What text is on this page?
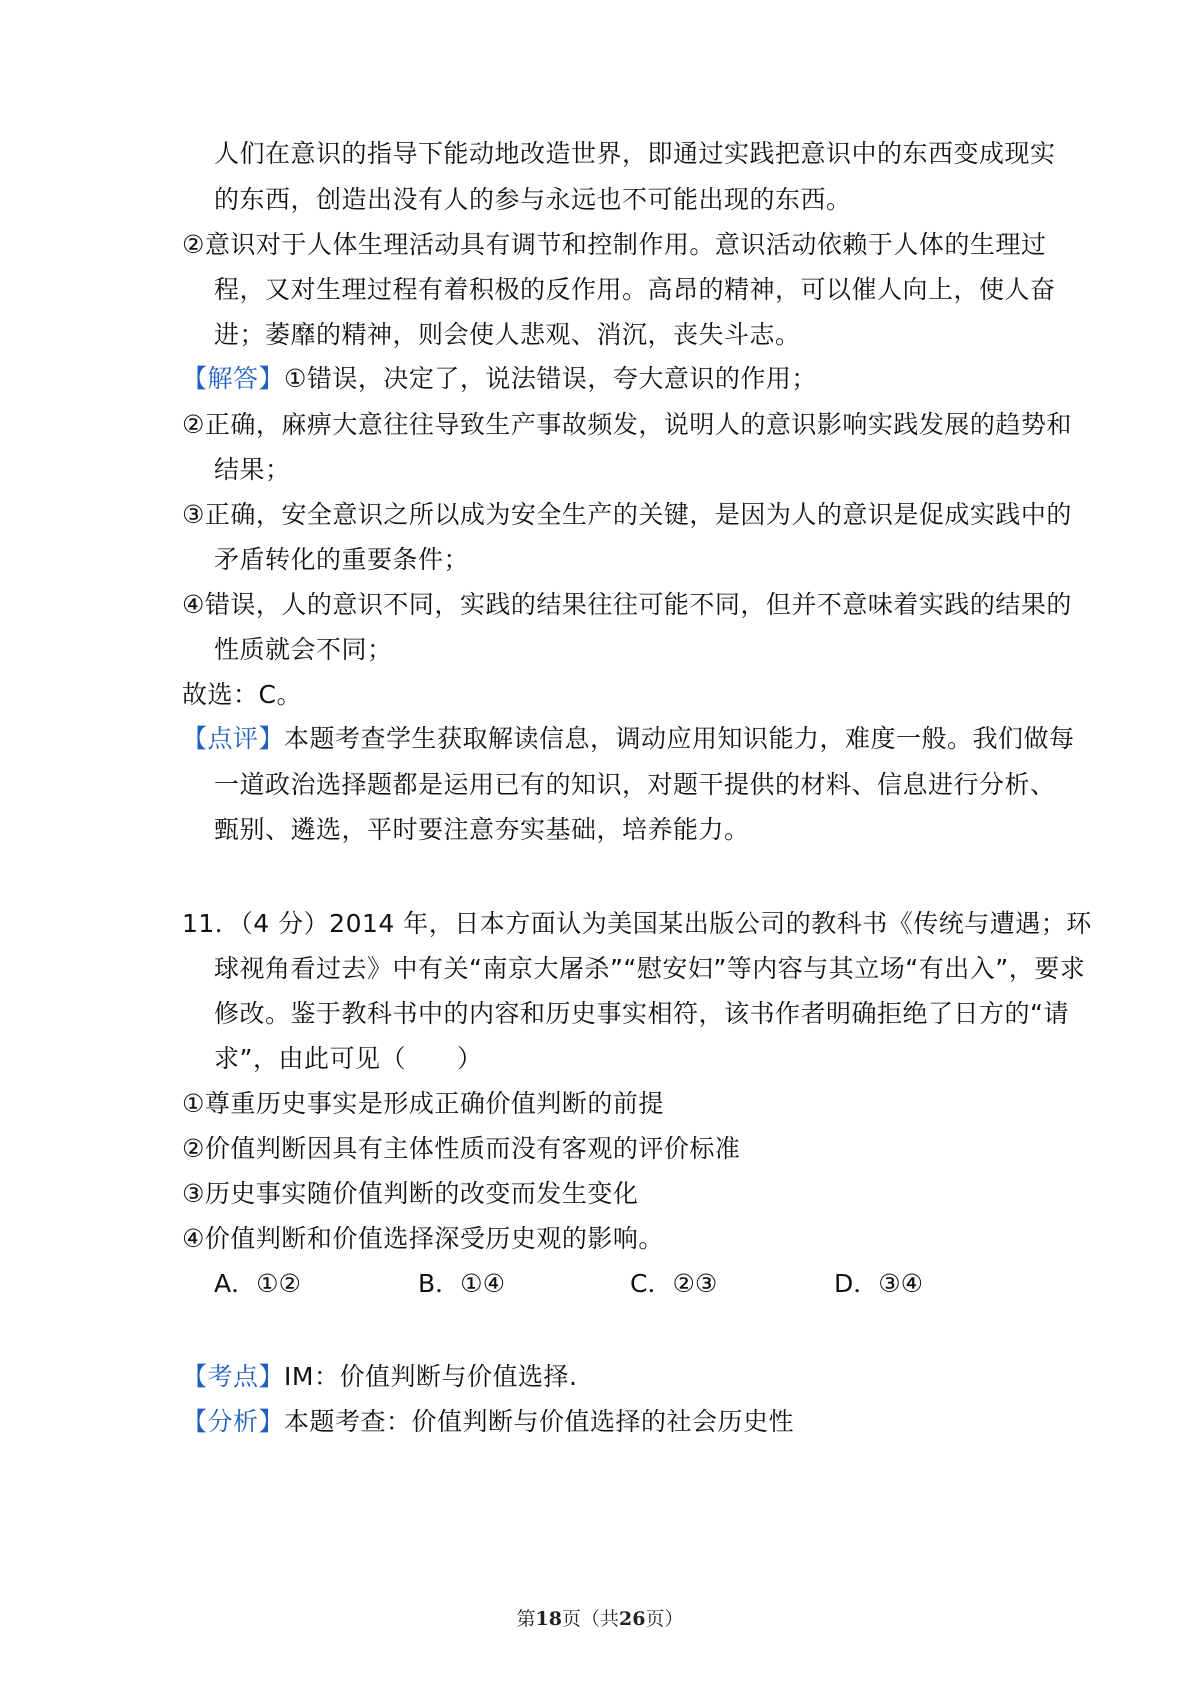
人们在意识的指导下能动地改造世界，即通过实践把意识中的东西变成现实
的东西，创造出没有人的参与永远也不可能出现的东西。
②意识对于人体生理活动具有调节和控制作用。意识活动依赖于人体的生理过
程，又对生理过程有着积极的反作用。高昂的精神，可以催人向上，使人奋
进；萎靡的精神，则会使人悲观、消沉，丧失斗志。
【解答】①错误，决定了，说法错误，夸大意识的作用；
②正确，麻痹大意往往导致生产事故频发，说明人的意识影响实践发展的趋势和
结果；
③正确，安全意识之所以成为安全生产的关键，是因为人的意识是促成实践中的
矛盾转化的重要条件；
④错误，人的意识不同，实践的结果往往可能不同，但并不意味着实践的结果的
性质就会不同；
故选：C。
【点评】本题考查学生获取解读信息，调动应用知识能力，难度一般。我们做每
一道政治选择题都是运用已有的知识，对题干提供的材料、信息进行分析、
甄别、遴选，平时要注意夯实基础，培养能力。
11．（4 分）2014 年，日本方面认为美国某出版公司的教科书《传统与遭遇；环
球视角看过去》中有关“南京大屠杀”“慰安妇”等内容与其立场“有出入”，要求
修改。鉴于教科书中的内容和历史事实相符，该书作者明确拒绝了日方的“请
求”，由此可见（　　）
①尊重历史事实是形成正确价值判断的前提
②价值判断因具有主体性质而没有客观的评价标准
③历史事实随价值判断的改变而发生变化
④价值判断和价值选择深受历史观的影响。
A．①②	B．①④	C．②③	D．③④
【考点】IM：价值判断与价值选择.
【分析】本题考查：价值判断与价值选择的社会历史性
第18页（共26页）
